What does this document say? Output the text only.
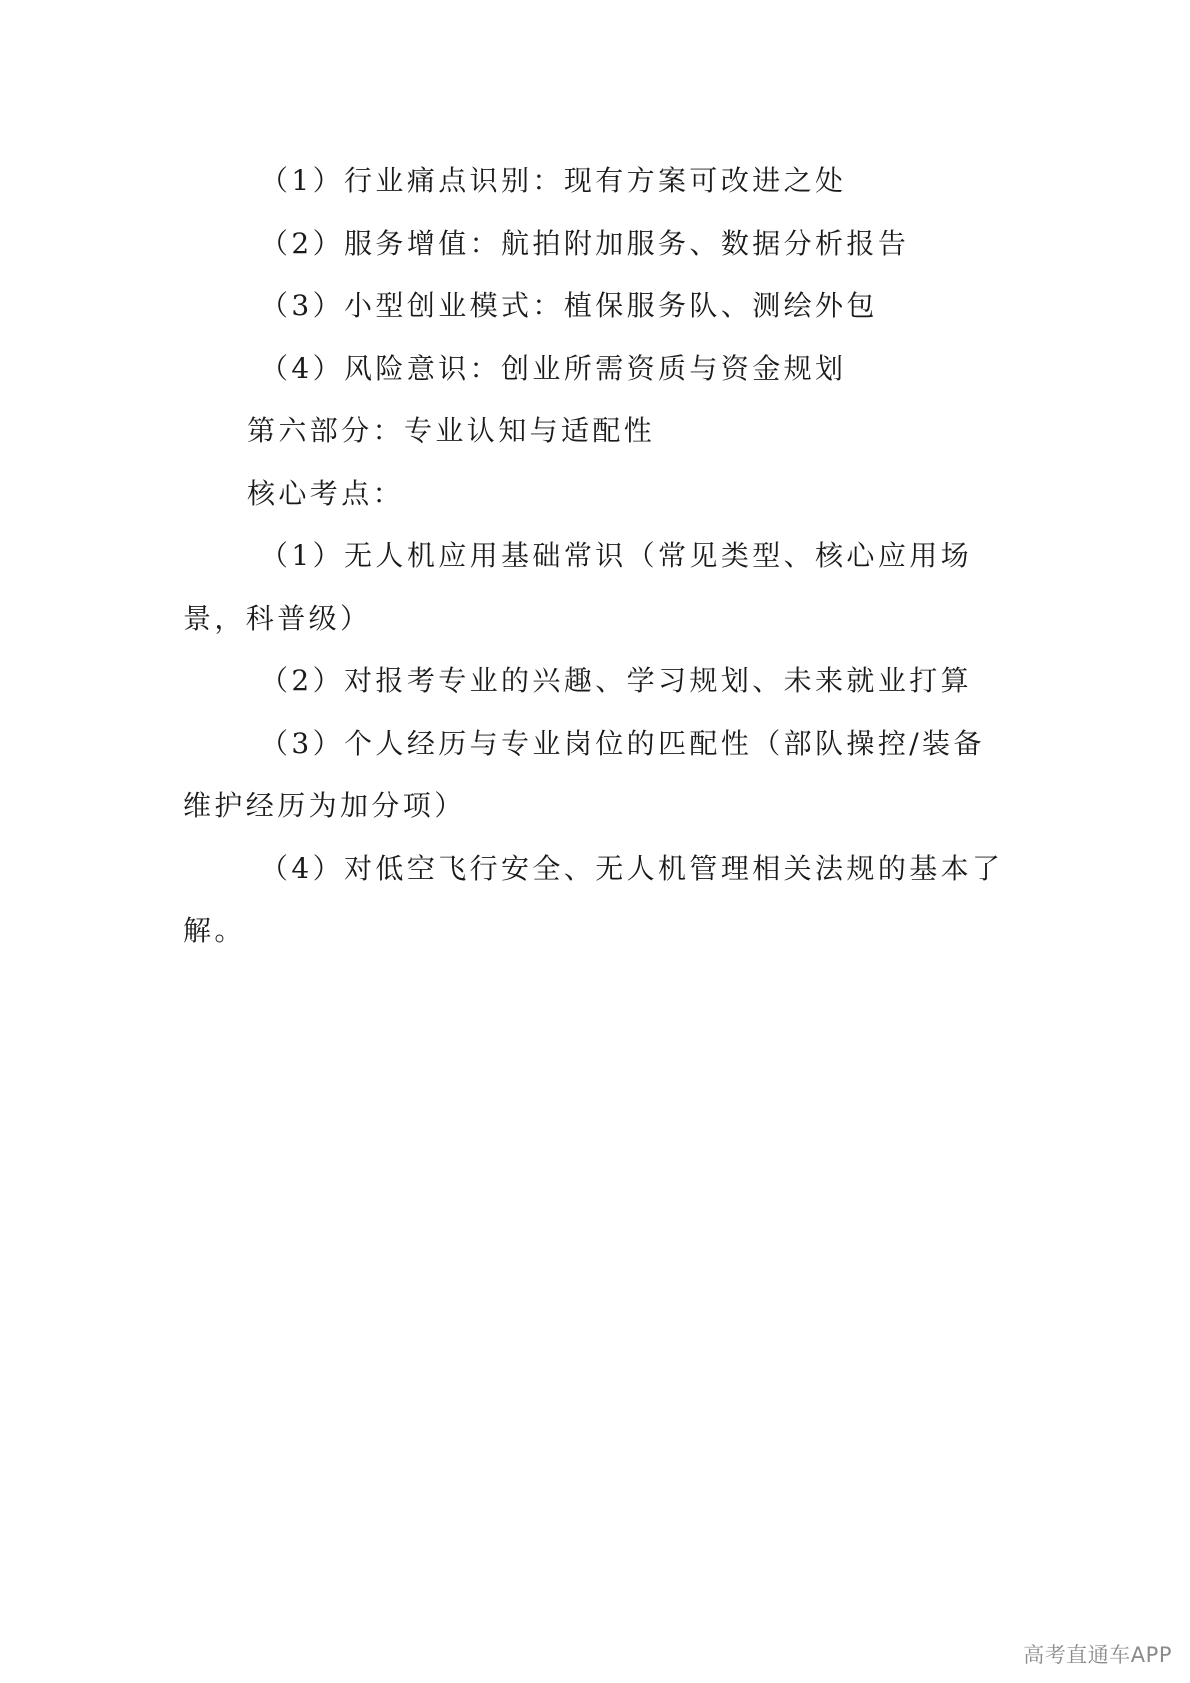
（1）行业痛点识别：现有方案可改进之处

（2）服务增值：航拍附加服务、数据分析报告

（3）小型创业模式：植保服务队、测绘外包

（4）风险意识：创业所需资质与资金规划

第六部分：专业认知与适配性

核心考点：

（1）无人机应用基础常识（常见类型、核心应用场景，科普级）

（2）对报考专业的兴趣、学习规划、未来就业打算

（3）个人经历与专业岗位的匹配性（部队操控/装备维护经历为加分项）

（4）对低空飞行安全、无人机管理相关法规的基本了解。

高考直通车APP
